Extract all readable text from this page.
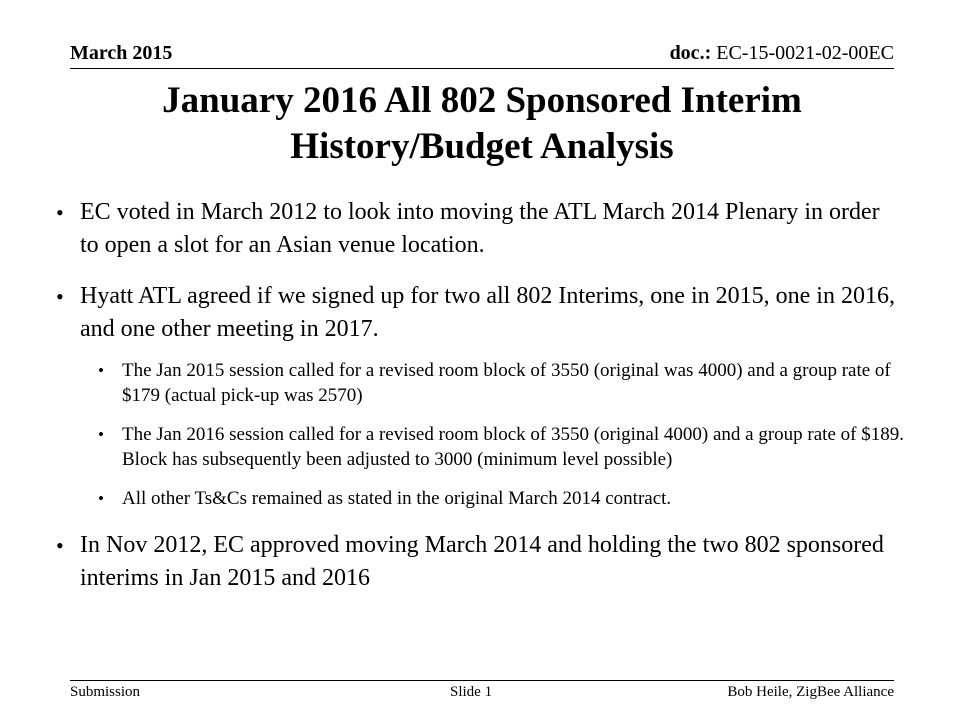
March 2015	doc.: EC-15-0021-02-00EC
January 2016 All 802 Sponsored Interim
History/Budget Analysis
• EC voted in March 2012 to look into moving the ATL March 2014 Plenary in order to open a slot for an Asian venue location.
• Hyatt ATL agreed if we signed up for two all 802 Interims, one in 2015, one in 2016, and one other meeting in 2017.
• The Jan 2015 session called for a revised room block of 3550 (original was 4000) and a group rate of $179 (actual pick-up was 2570)
• The Jan 2016 session called for a revised room block of 3550 (original 4000) and a group rate of $189. Block has subsequently been adjusted to 3000 (minimum level possible)
• All other Ts&Cs remained as stated in the original March 2014 contract.
• In Nov 2012, EC approved moving March 2014 and holding the two 802 sponsored interims in Jan 2015 and 2016
Submission	Slide 1	Bob Heile, ZigBee Alliance
